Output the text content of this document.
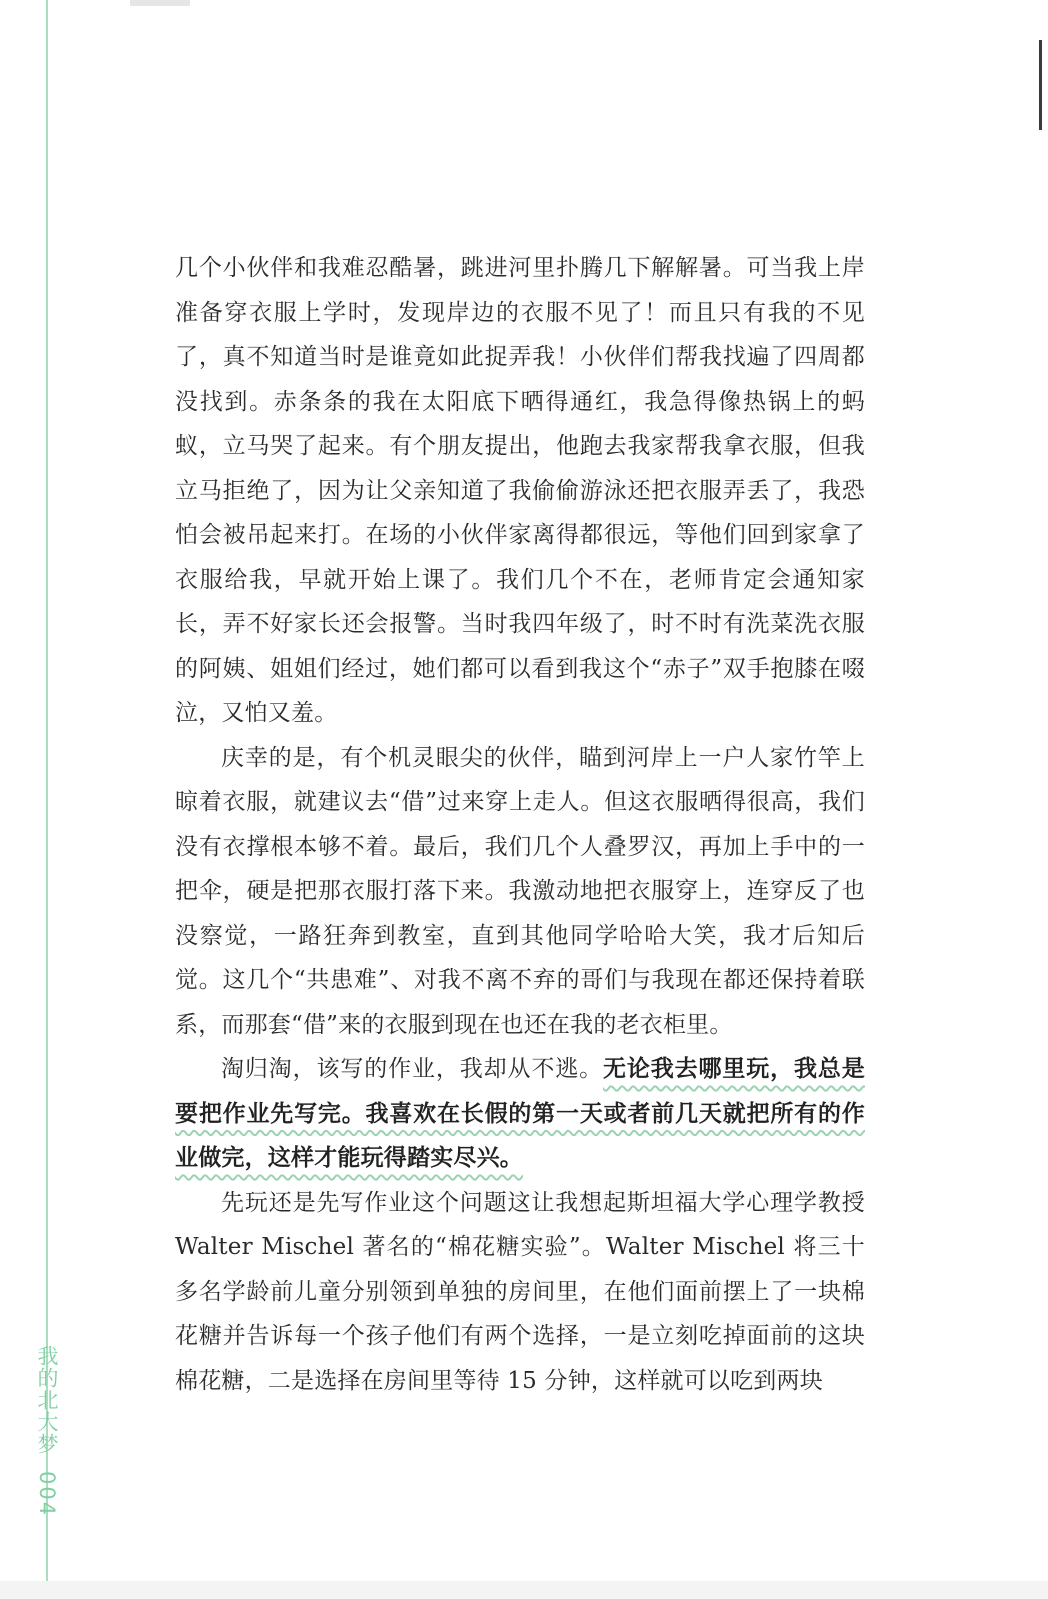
几个小伙伴和我难忍酷暑，跳进河里扑腾几下解解暑。可当我上岸准备穿衣服上学时，发现岸边的衣服不见了！而且只有我的不见了，真不知道当时是谁竟如此捉弄我！小伙伴们帮我找遍了四周都没找到。赤条条的我在太阳底下晒得通红，我急得像热锅上的蚂蚁，立马哭了起来。有个朋友提出，他跑去我家帮我拿衣服，但我立马拒绝了，因为让父亲知道了我偷偷游泳还把衣服弄丢了，我恐怕会被吊起来打。在场的小伙伴家离得都很远，等他们回到家拿了衣服给我，早就开始上课了。我们几个不在，老师肯定会通知家长，弄不好家长还会报警。当时我四年级了，时不时有洗菜洗衣服的阿姨、姐姐们经过，她们都可以看到我这个“赤子”双手抱膝在啜泣，又怕又羞。

庆幸的是，有个机灵眼尖的伙伴，瞄到河岸上一户人家竹竿上晾着衣服，就建议去“借”过来穿上走人。但这衣服晒得很高，我们没有衣撑根本够不着。最后，我们几个人叠罗汉，再加上手中的一把伞，硬是把那衣服打落下来。我激动地把衣服穿上，连穿反了也没察觉，一路狂奔到教室，直到其他同学哈哈大笑，我才后知后觉。这几个“共患难”、对我不离不弃的哥们与我现在都还保持着联系，而那套“借”来的衣服到现在也还在我的老衣柜里。

淘归淘，该写的作业，我却从不逃。无论我去哪里玩，我总是要把作业先写完。我喜欢在长假的第一天或者前几天就把所有的作业做完，这样才能玩得踏实尽兴。

先玩还是先写作业这个问题这让我想起斯坦福大学心理学教授 Walter Mischel 著名的“棉花糖实验”。Walter Mischel 将三十多名学龄前儿童分别领到单独的房间里，在他们面前摆上了一块棉花糖并告诉每一个孩子他们有两个选择，一是立刻吃掉面前的这块棉花糖，二是选择在房间里等待 15 分钟，这样就可以吃到两块

我的北大梦
004
